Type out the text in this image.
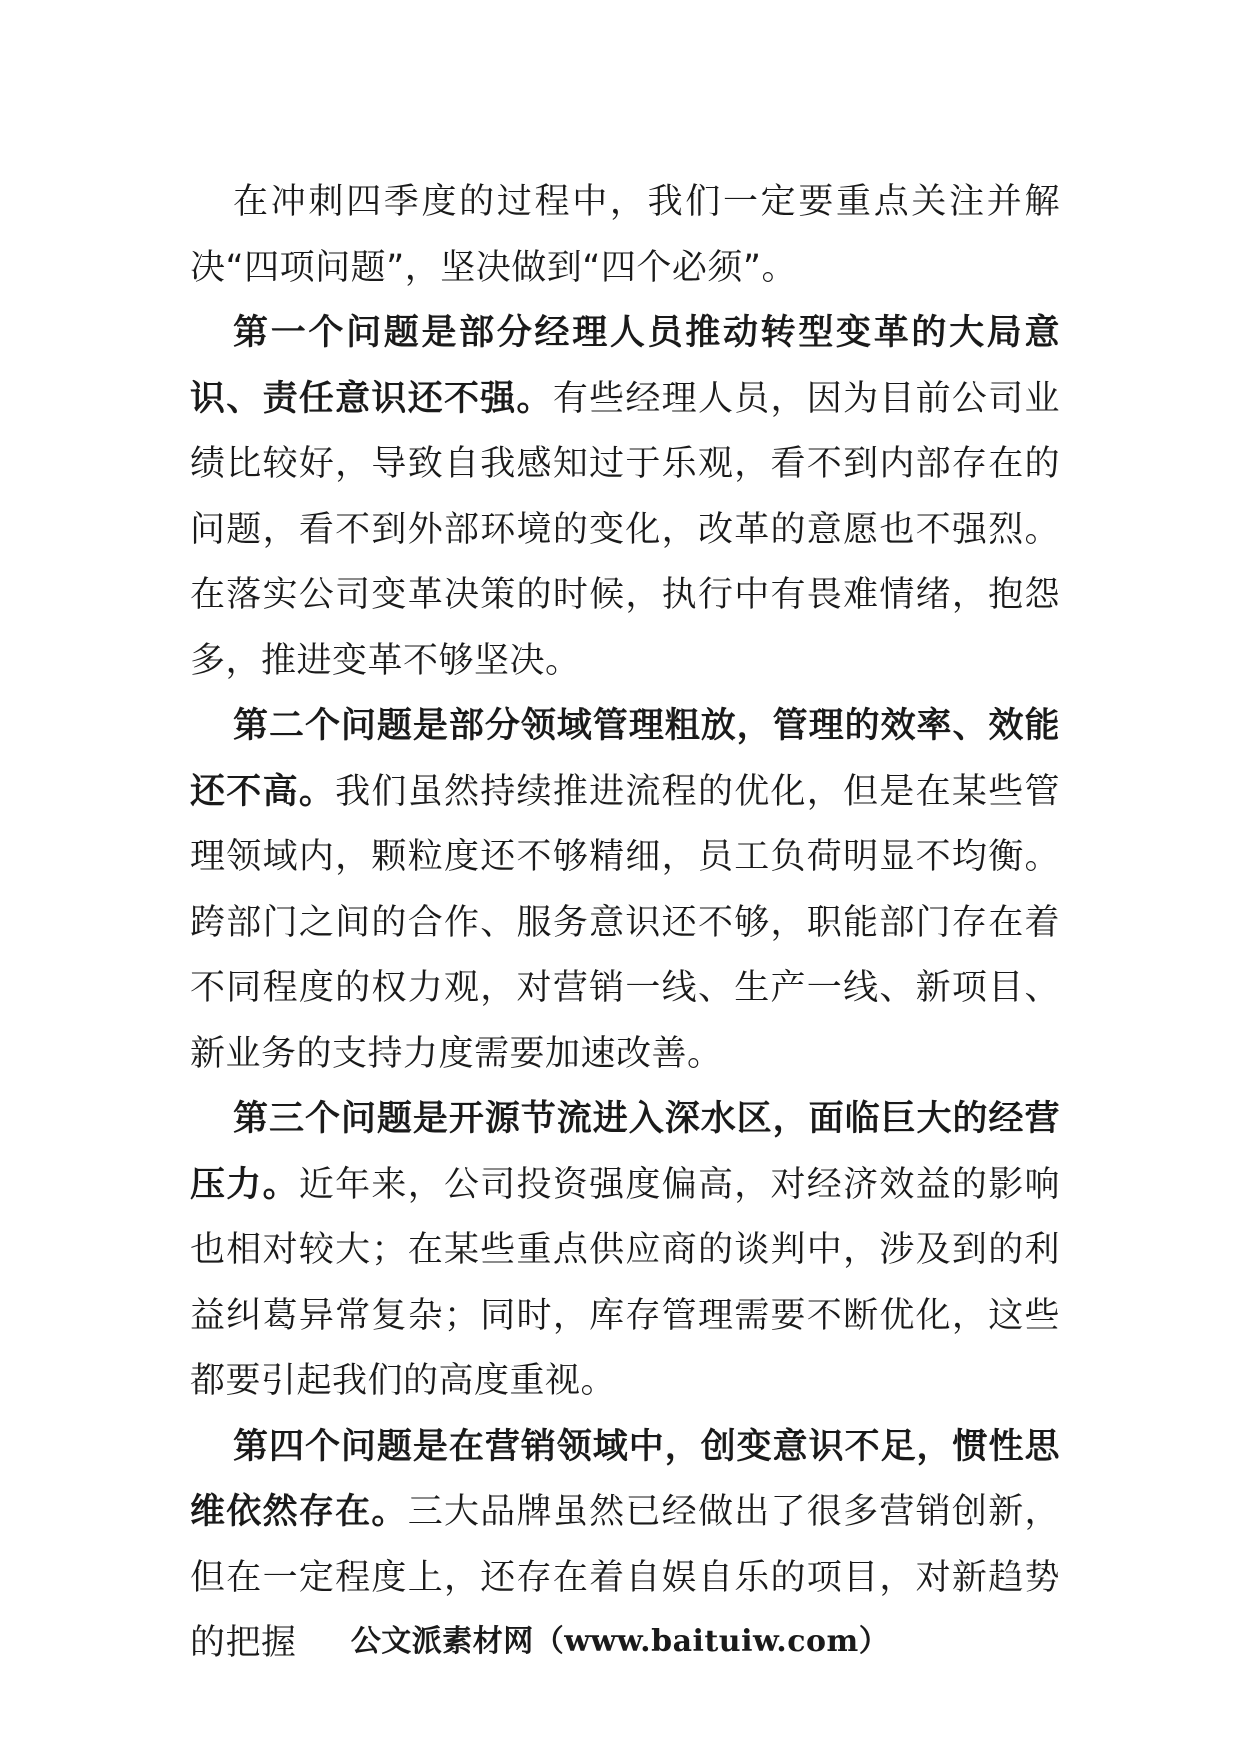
在冲刺四季度的过程中，我们一定要重点关注并解决“四项问题”，坚决做到“四个必须”。

第一个问题是部分经理人员推动转型变革的大局意识、责任意识还不强。有些经理人员，因为目前公司业绩比较好，导致自我感知过于乐观，看不到内部存在的问题，看不到外部环境的变化，改革的意愿也不强烈。在落实公司变革决策的时候，执行中有畏难情绪，抱怨多，推进变革不够坚决。

第二个问题是部分领域管理粗放，管理的效率、效能还不高。我们虽然持续推进流程的优化，但是在某些管理领域内，颗粒度还不够精细，员工负荷明显不均衡。跨部门之间的合作、服务意识还不够，职能部门存在着不同程度的权力观，对营销一线、生产一线、新项目、新业务的支持力度需要加速改善。

第三个问题是开源节流进入深水区，面临巨大的经营压力。近年来，公司投资强度偏高，对经济效益的影响也相对较大；在某些重点供应商的谈判中，涉及到的利益纠葛异常复杂；同时，库存管理需要不断优化，这些都要引起我们的高度重视。

第四个问题是在营销领域中，创变意识不足，惯性思维依然存在。三大品牌虽然已经做出了很多营销创新，但在一定程度上，还存在着自娱自乐的项目，对新趋势的把握	公文派素材网（www.baituiw.com）
